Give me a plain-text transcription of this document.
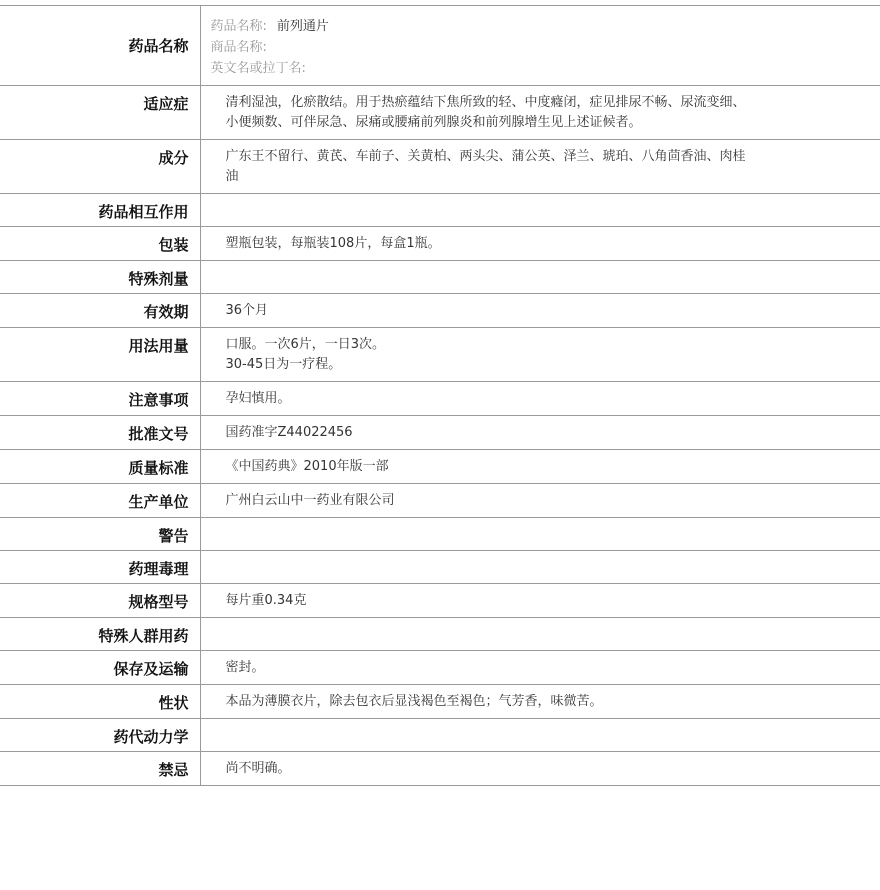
药品名称	药品名称: 前列通片
商品名称:
英文名或拉丁名:

适应症	清利湿浊，化瘀散结。用于热瘀蕴结下焦所致的轻、中度癃闭，症见排尿不畅、尿流变细、
小便频数、可伴尿急、尿痛或腰痛前列腺炎和前列腺增生见上述证候者。

成分	广东王不留行、黄芪、车前子、关黄柏、两头尖、蒲公英、泽兰、琥珀、八角茴香油、肉桂
油

药品相互作用	

包装	塑瓶包装，每瓶装108片，每盒1瓶。

特殊剂量	

有效期	36个月

用法用量	口服。一次6片，一日3次。
30-45日为一疗程。

注意事项	孕妇慎用。

批准文号	国药准字Z44022456

质量标准	《中国药典》2010年版一部

生产单位	广州白云山中一药业有限公司

警告	

药理毒理	

规格型号	每片重0.34克

特殊人群用药	

保存及运输	密封。

性状	本品为薄膜衣片，除去包衣后显浅褐色至褐色；气芳香，味微苦。

药代动力学	

禁忌	尚不明确。
